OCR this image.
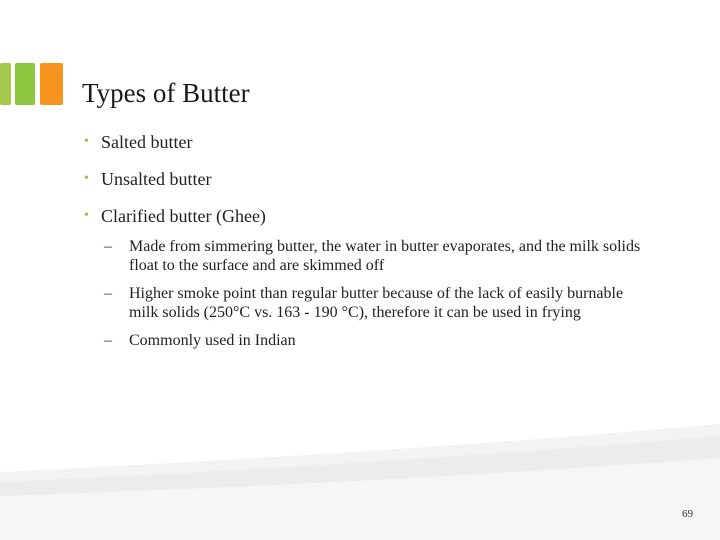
Types of Butter
• Salted butter
• Unsalted butter
• Clarified butter (Ghee)
– Made from simmering butter, the water in butter evaporates, and the milk solids float to the surface and are skimmed off
– Higher smoke point than regular butter because of the lack of easily burnable milk solids (250°C vs. 163 - 190 °C), therefore it can be used in frying
– Commonly used in Indian
69
